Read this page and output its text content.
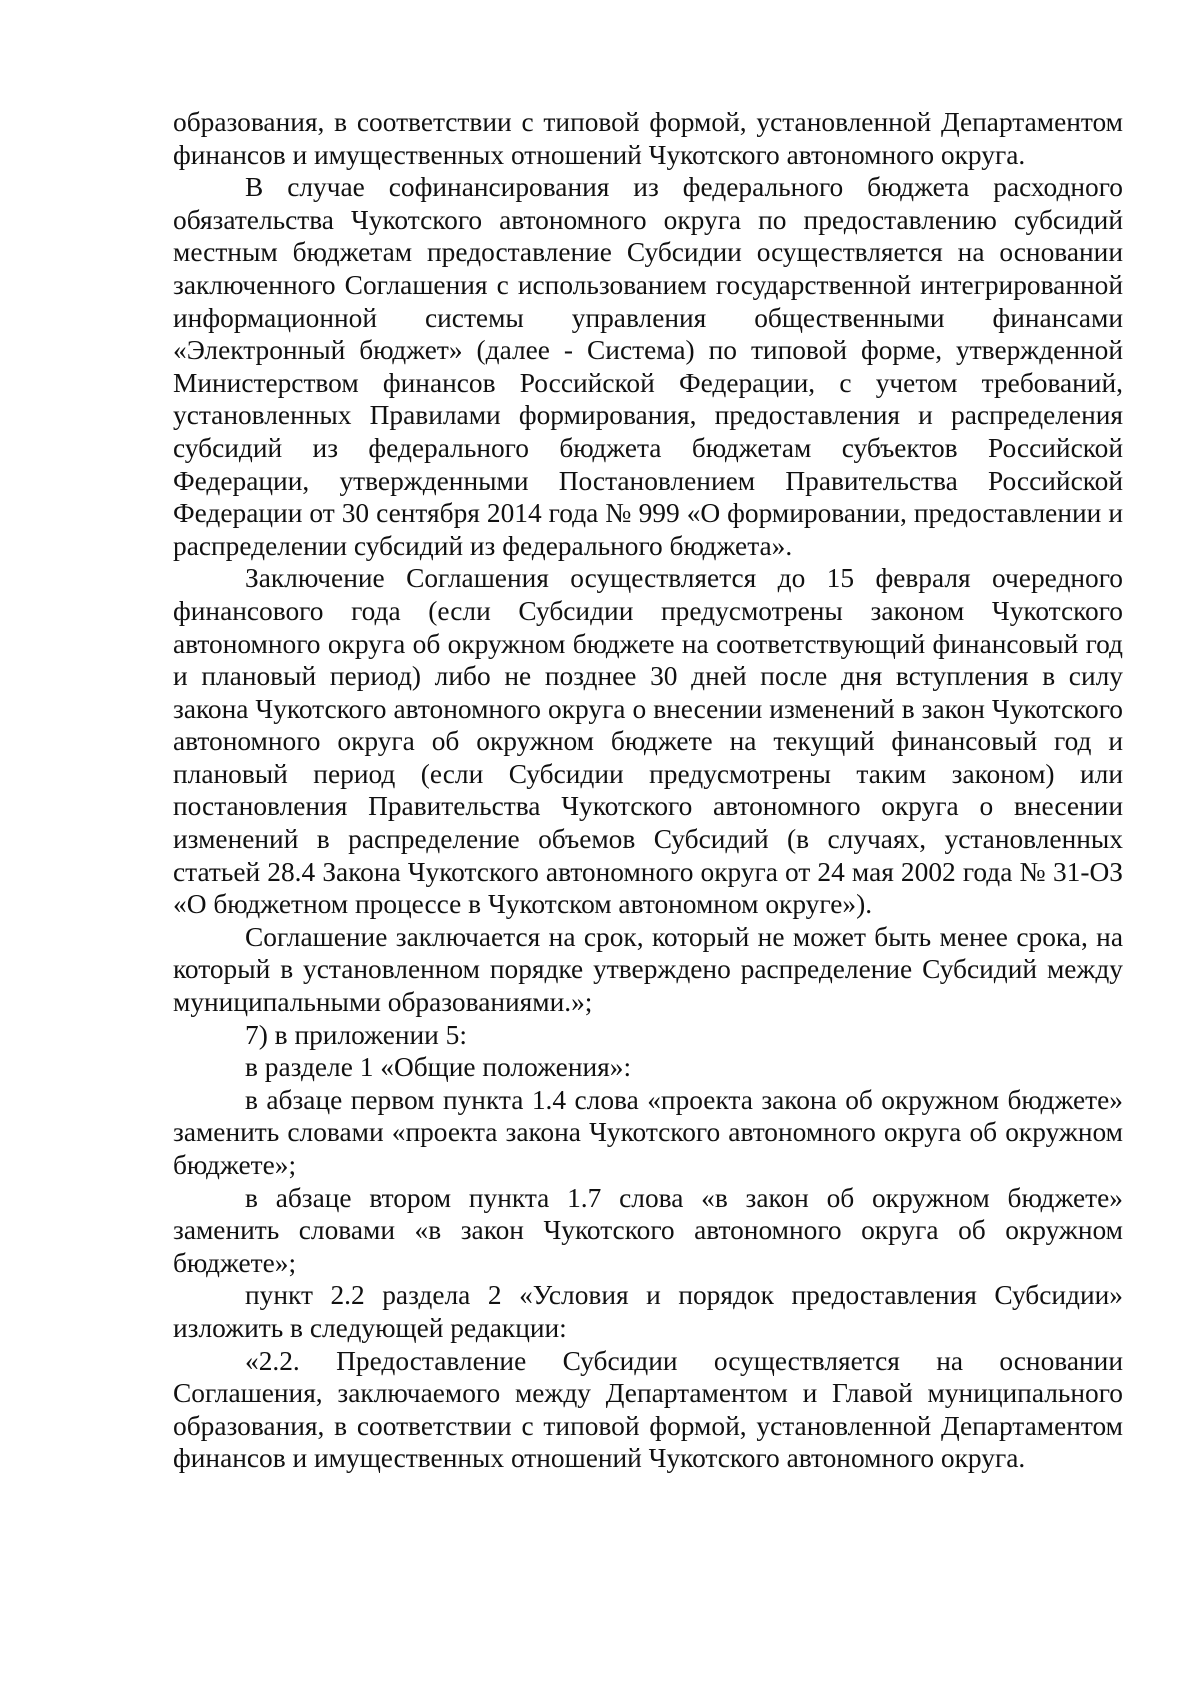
образования, в соответствии с типовой формой, установленной Департаментом финансов и имущественных отношений Чукотского автономного округа.

В случае софинансирования из федерального бюджета расходного обязательства Чукотского автономного округа по предоставлению субсидий местным бюджетам предоставление Субсидии осуществляется на основании заключенного Соглашения с использованием государственной интегрированной информационной системы управления общественными финансами «Электронный бюджет» (далее - Система) по типовой форме, утвержденной Министерством финансов Российской Федерации, с учетом требований, установленных Правилами формирования, предоставления и распределения субсидий из федерального бюджета бюджетам субъектов Российской Федерации, утвержденными Постановлением Правительства Российской Федерации от 30 сентября 2014 года № 999 «О формировании, предоставлении и распределении субсидий из федерального бюджета».

Заключение Соглашения осуществляется до 15 февраля очередного финансового года (если Субсидии предусмотрены законом Чукотского автономного округа об окружном бюджете на соответствующий финансовый год и плановый период) либо не позднее 30 дней после дня вступления в силу закона Чукотского автономного округа о внесении изменений в закон Чукотского автономного округа об окружном бюджете на текущий финансовый год и плановый период (если Субсидии предусмотрены таким законом) или постановления Правительства Чукотского автономного округа о внесении изменений в распределение объемов Субсидий (в случаях, установленных статьей 28.4 Закона Чукотского автономного округа от 24 мая 2002 года № 31-ОЗ «О бюджетном процессе в Чукотском автономном округе»).

Соглашение заключается на срок, который не может быть менее срока, на который в установленном порядке утверждено распределение Субсидий между муниципальными образованиями.»;

7) в приложении 5:

в разделе 1 «Общие положения»:

в абзаце первом пункта 1.4 слова «проекта закона об окружном бюджете» заменить словами «проекта закона Чукотского автономного округа об окружном бюджете»;

в абзаце втором пункта 1.7 слова «в закон об окружном бюджете» заменить словами «в закон Чукотского автономного округа об окружном бюджете»;

пункт 2.2 раздела 2 «Условия и порядок предоставления Субсидии» изложить в следующей редакции:

«2.2. Предоставление Субсидии осуществляется на основании Соглашения, заключаемого между Департаментом и Главой муниципального образования, в соответствии с типовой формой, установленной Департаментом финансов и имущественных отношений Чукотского автономного округа.
